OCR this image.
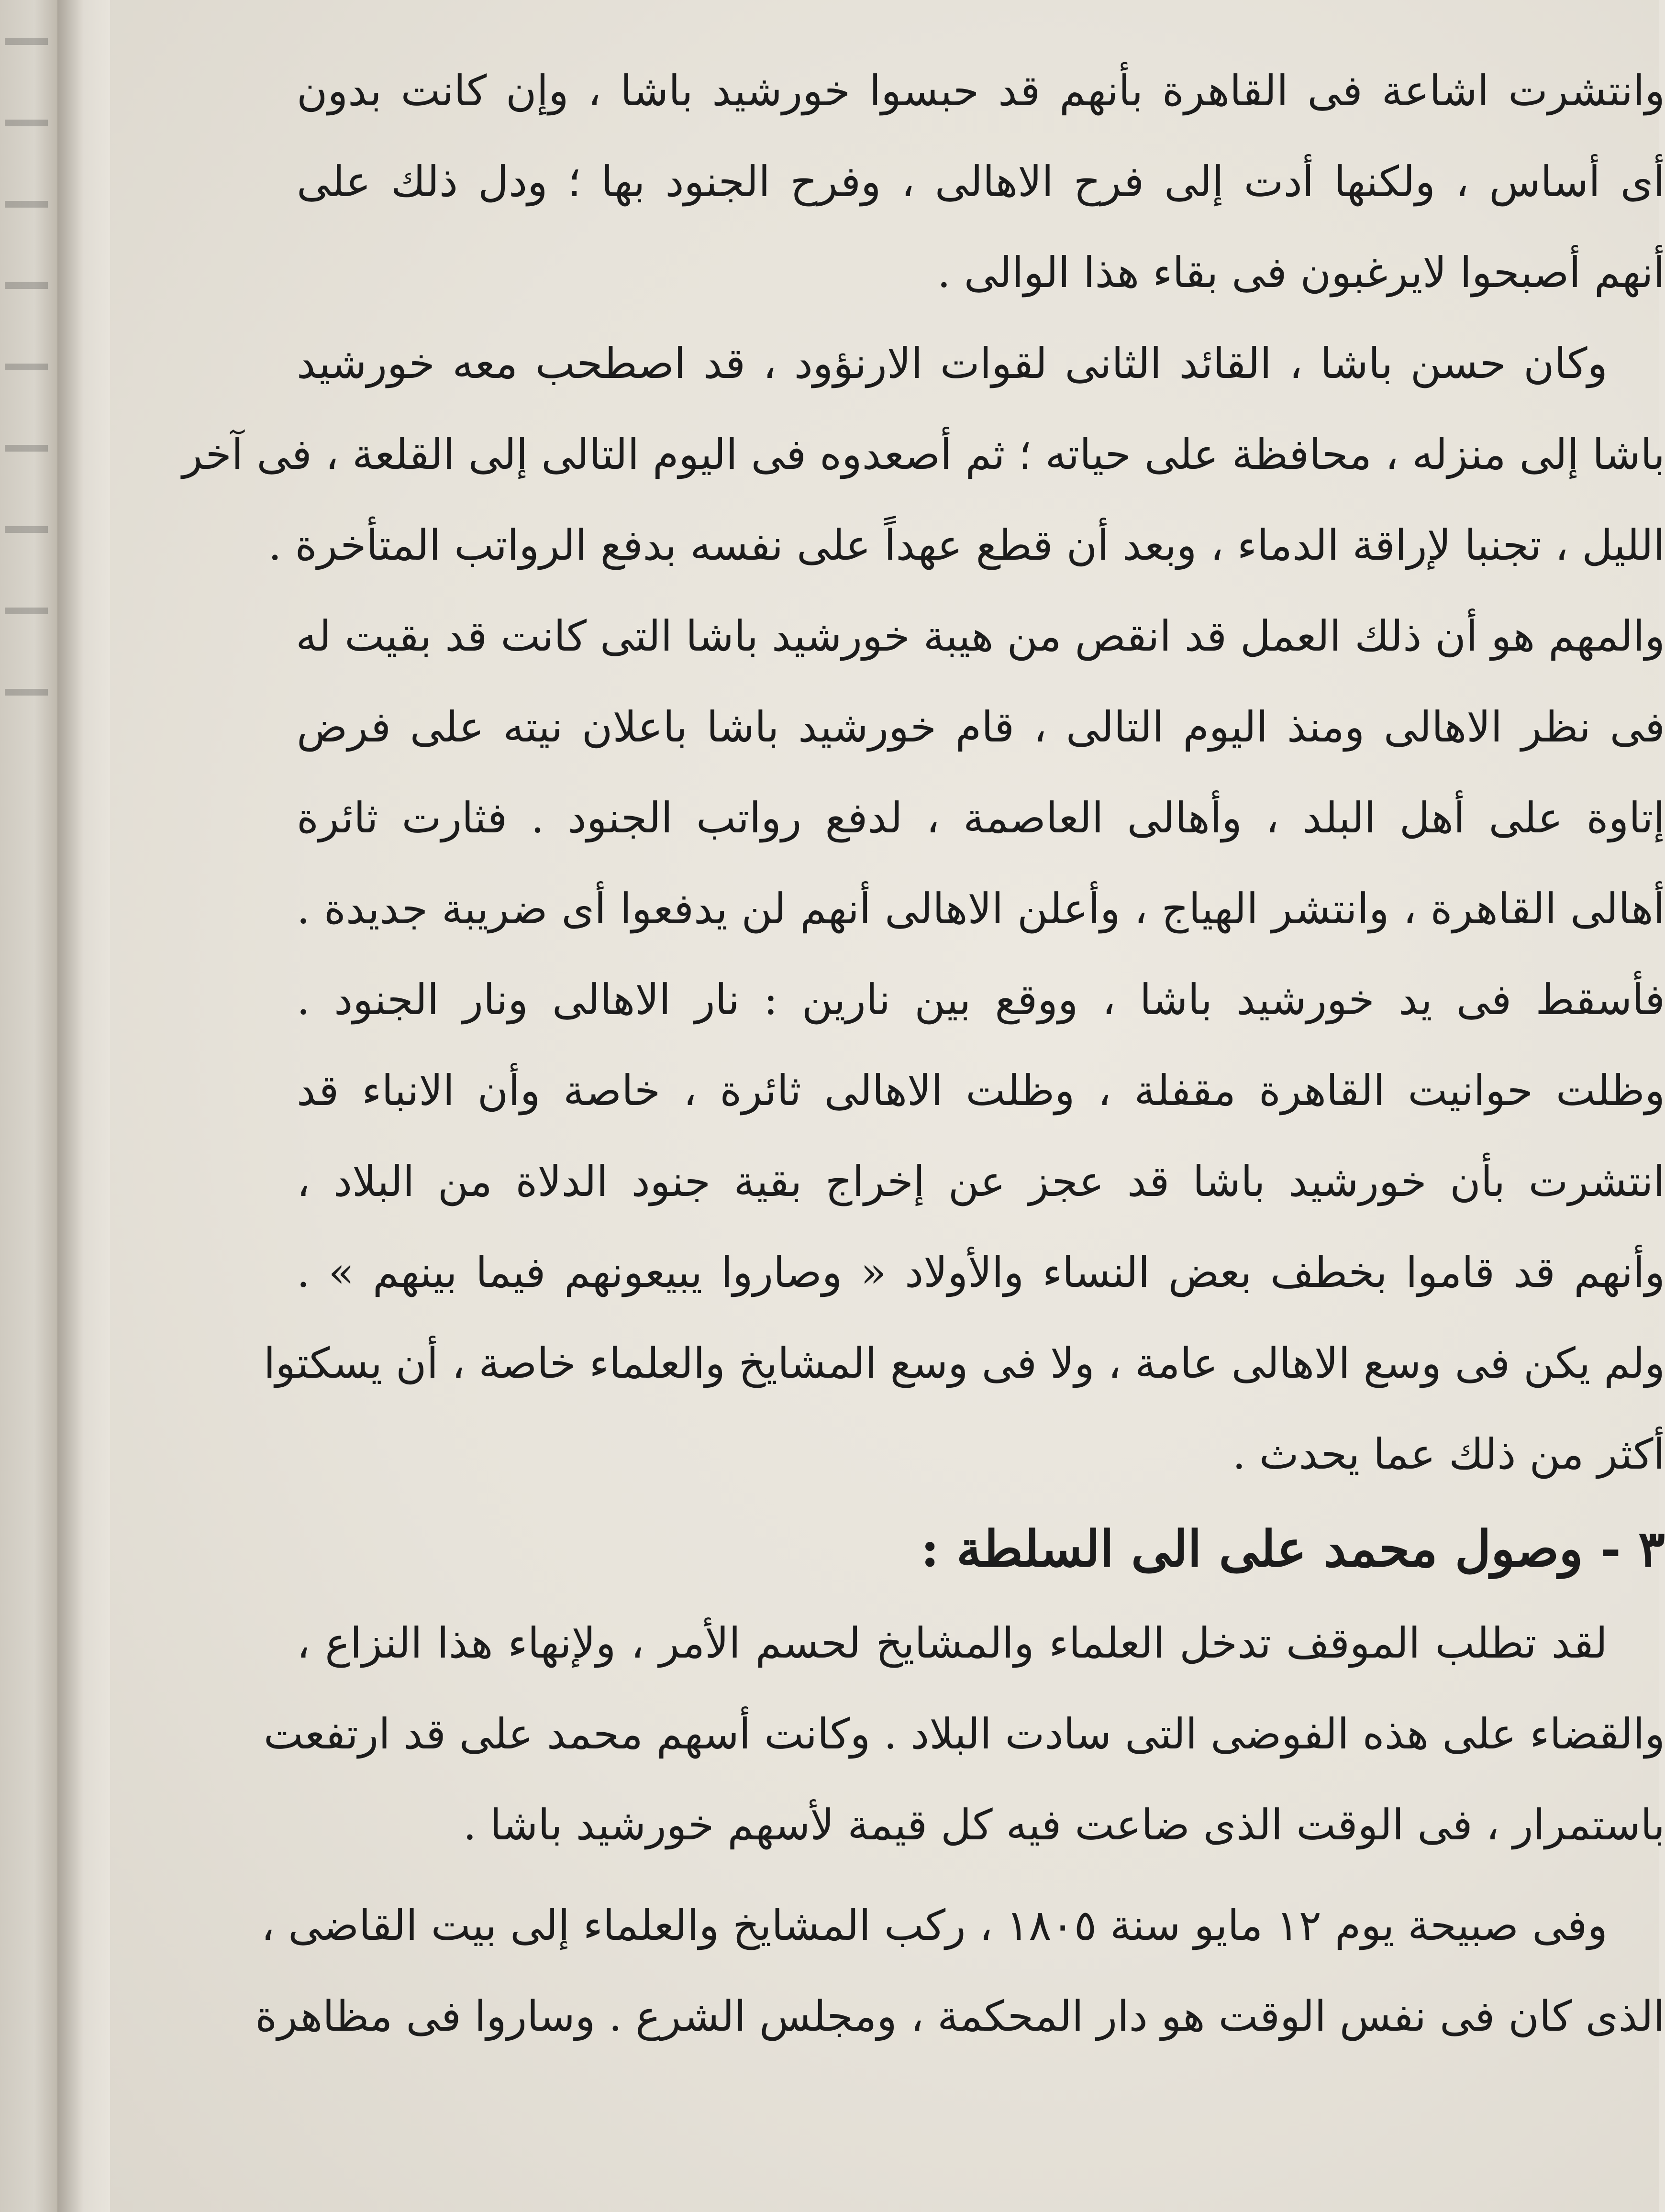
وانتشرت اشاعة فى القاهرة بأنهم قد حبسوا خورشيد باشا ، وإن كانت بدون
أى أساس ، ولكنها أدت إلى فرح الاهالى ، وفرح الجنود بها ؛ ودل ذلك على
أنهم أصبحوا لايرغبون فى بقاء هذا الوالى .
وكان حسن باشا ، القائد الثانى لقوات الارنؤود ، قد اصطحب معه خورشيد
باشا إلى منزله ، محافظة على حياته ؛ ثم أصعدوه فى اليوم التالى إلى القلعة ، فى آخر
الليل ، تجنبا لإراقة الدماء ، وبعد أن قطع عهداً على نفسه بدفع الرواتب المتأخرة .
والمهم هو أن ذلك العمل قد انقص من هيبة خورشيد باشا التى كانت قد بقيت له
فى نظر الاهالى ومنذ اليوم التالى ، قام خورشيد باشا باعلان نيته على فرض
إتاوة على أهل البلد ، وأهالى العاصمة ، لدفع رواتب الجنود . فثارت ثائرة
أهالى القاهرة ، وانتشر الهياج ، وأعلن الاهالى أنهم لن يدفعوا أى ضريبة جديدة .
فأسقط فى يد خورشيد باشا ، ووقع بين نارين : نار الاهالى ونار الجنود .
وظلت حوانيت القاهرة مقفلة ، وظلت الاهالى ثائرة ، خاصة وأن الانباء قد
انتشرت بأن خورشيد باشا قد عجز عن إخراج بقية جنود الدلاة من البلاد ،
وأنهم قد قاموا بخطف بعض النساء والأولاد « وصاروا يبيعونهم فيما بينهم » .
ولم يكن فى وسع الاهالى عامة ، ولا فى وسع المشايخ والعلماء خاصة ، أن يسكتوا
أكثر من ذلك عما يحدث .
٣ - وصول محمد على الى السلطة :
لقد تطلب الموقف تدخل العلماء والمشايخ لحسم الأمر ، ولإنهاء هذا النزاع ،
والقضاء على هذه الفوضى التى سادت البلاد . وكانت أسهم محمد على قد ارتفعت
باستمرار ، فى الوقت الذى ضاعت فيه كل قيمة لأسهم خورشيد باشا .
وفى صبيحة يوم ١٢ مايو سنة ١٨٠٥ ، ركب المشايخ والعلماء إلى بيت القاضى ،
الذى كان فى نفس الوقت هو دار المحكمة ، ومجلس الشرع . وساروا فى مظاهرة
